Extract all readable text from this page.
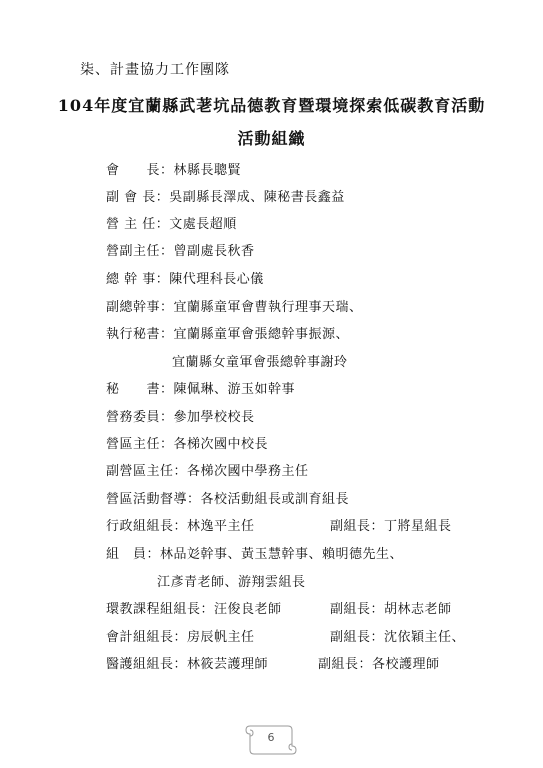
柒、計畫協力工作團隊
104年度宜蘭縣武荖坑品德教育暨環境探索低碳教育活動
活動組織
會　　長：林縣長聰賢
副 會 長：吳副縣長澤成、陳秘書長鑫益
營 主 任：文處長超順
營副主任：曾副處長秋香
總 幹 事：陳代理科長心儀
副總幹事：宜蘭縣童軍會曹執行理事天瑞、
執行秘書：宜蘭縣童軍會張總幹事振源、
宜蘭縣女童軍會張總幹事謝玲
秘　　書：陳佩琳、游玉如幹事
營務委員：參加學校校長
營區主任：各梯次國中校長
副營區主任：各梯次國中學務主任
營區活動督導：各校活動組長或訓育組長
行政組組長：林逸平主任	副組長：丁將星組長
組　員：林品彣幹事、黃玉慧幹事、賴明德先生、
江彥青老師、游翔雲組長
環教課程組組長：汪俊良老師	副組長：胡林志老師
會計組組長：房辰帆主任	副組長：沈依穎主任、
醫護組組長：林筱芸護理師	副組長：各校護理師
6
